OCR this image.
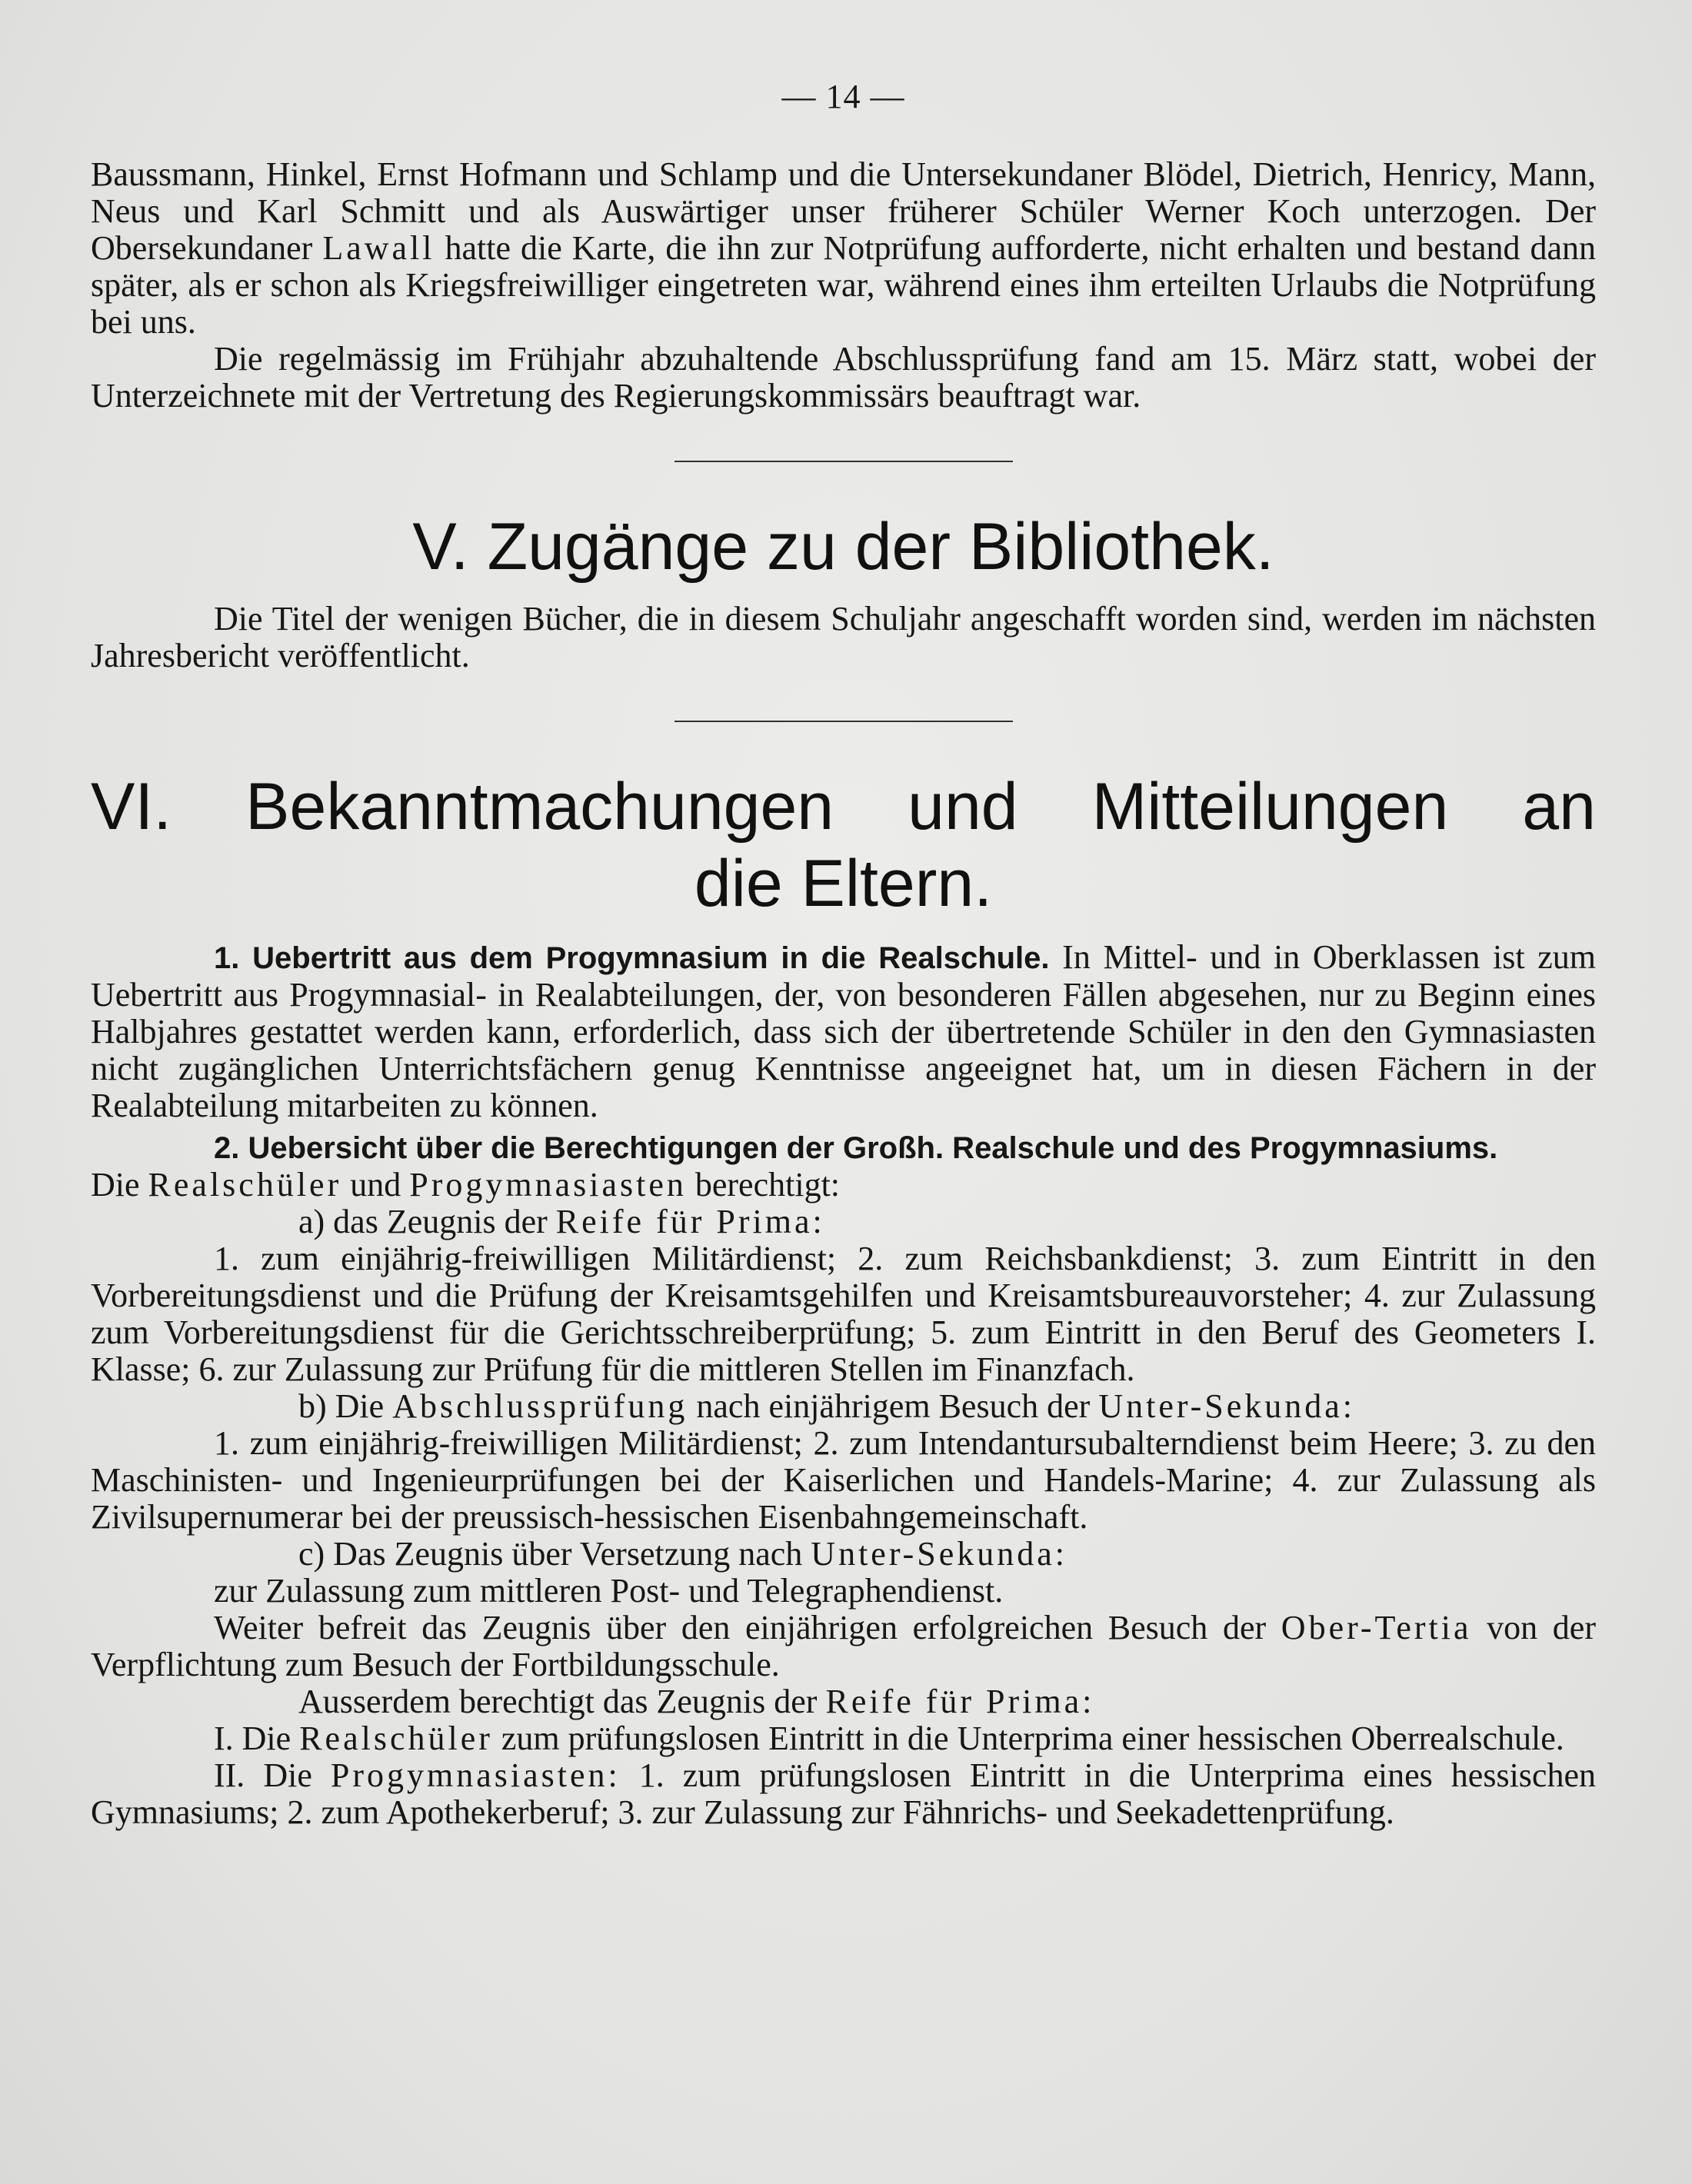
— 14 —

Baussmann, Hinkel, Ernst Hofmann und Schlamp und die Untersekundaner Blödel, Dietrich, Henricy, Mann, Neus und Karl Schmitt und als Auswärtiger unser früherer Schüler Werner Koch unterzogen. Der Obersekundaner Lawall hatte die Karte, die ihn zur Notprüfung aufforderte, nicht erhalten und bestand dann später, als er schon als Kriegsfreiwilliger eingetreten war, während eines ihm erteilten Urlaubs die Notprüfung bei uns.

Die regelmässig im Frühjahr abzuhaltende Abschlussprüfung fand am 15. März statt, wobei der Unterzeichnete mit der Vertretung des Regierungskommissärs beauftragt war.

V. Zugänge zu der Bibliothek.

Die Titel der wenigen Bücher, die in diesem Schuljahr angeschafft worden sind, werden im nächsten Jahresbericht veröffentlicht.

VI. Bekanntmachungen und Mitteilungen an
die Eltern.

1. Uebertritt aus dem Progymnasium in die Realschule. In Mittel- und in Oberklassen ist zum Uebertritt aus Progymnasial- in Realabteilungen, der, von besonderen Fällen abgesehen, nur zu Beginn eines Halbjahres gestattet werden kann, erforderlich, dass sich der übertretende Schüler in den den Gymnasiasten nicht zugänglichen Unterrichtsfächern genug Kenntnisse angeeignet hat, um in diesen Fächern in der Realabteilung mitarbeiten zu können.

2. Uebersicht über die Berechtigungen der Großh. Realschule und des Progymnasiums.

Die Realschüler und Progymnasiasten berechtigt:

a) das Zeugnis der Reife für Prima:

1. zum einjährig-freiwilligen Militärdienst; 2. zum Reichsbankdienst; 3. zum Eintritt in den Vorbereitungsdienst und die Prüfung der Kreisamtsgehilfen und Kreisamtsbureauvorsteher; 4. zur Zulassung zum Vorbereitungsdienst für die Gerichtsschreiberprüfung; 5. zum Eintritt in den Beruf des Geometers I. Klasse; 6. zur Zulassung zur Prüfung für die mittleren Stellen im Finanzfach.

b) Die Abschlussprüfung nach einjährigem Besuch der Unter-Sekunda:

1. zum einjährig-freiwilligen Militärdienst; 2. zum Intendantursubalterndienst beim Heere; 3. zu den Maschinisten- und Ingenieurprüfungen bei der Kaiserlichen und Handels-Marine; 4. zur Zulassung als Zivilsupernumerar bei der preussisch-hessischen Eisenbahngemeinschaft.

c) Das Zeugnis über Versetzung nach Unter-Sekunda:

zur Zulassung zum mittleren Post- und Telegraphendienst.

Weiter befreit das Zeugnis über den einjährigen erfolgreichen Besuch der Ober-Tertia von der Verpflichtung zum Besuch der Fortbildungsschule.

Ausserdem berechtigt das Zeugnis der Reife für Prima:

I. Die Realschüler zum prüfungslosen Eintritt in die Unterprima einer hessischen Oberrealschule.

II. Die Progymnasiasten: 1. zum prüfungslosen Eintritt in die Unterprima eines hessischen Gymnasiums; 2. zum Apothekerberuf; 3. zur Zulassung zur Fähnrichs- und Seekadettenprüfung.
